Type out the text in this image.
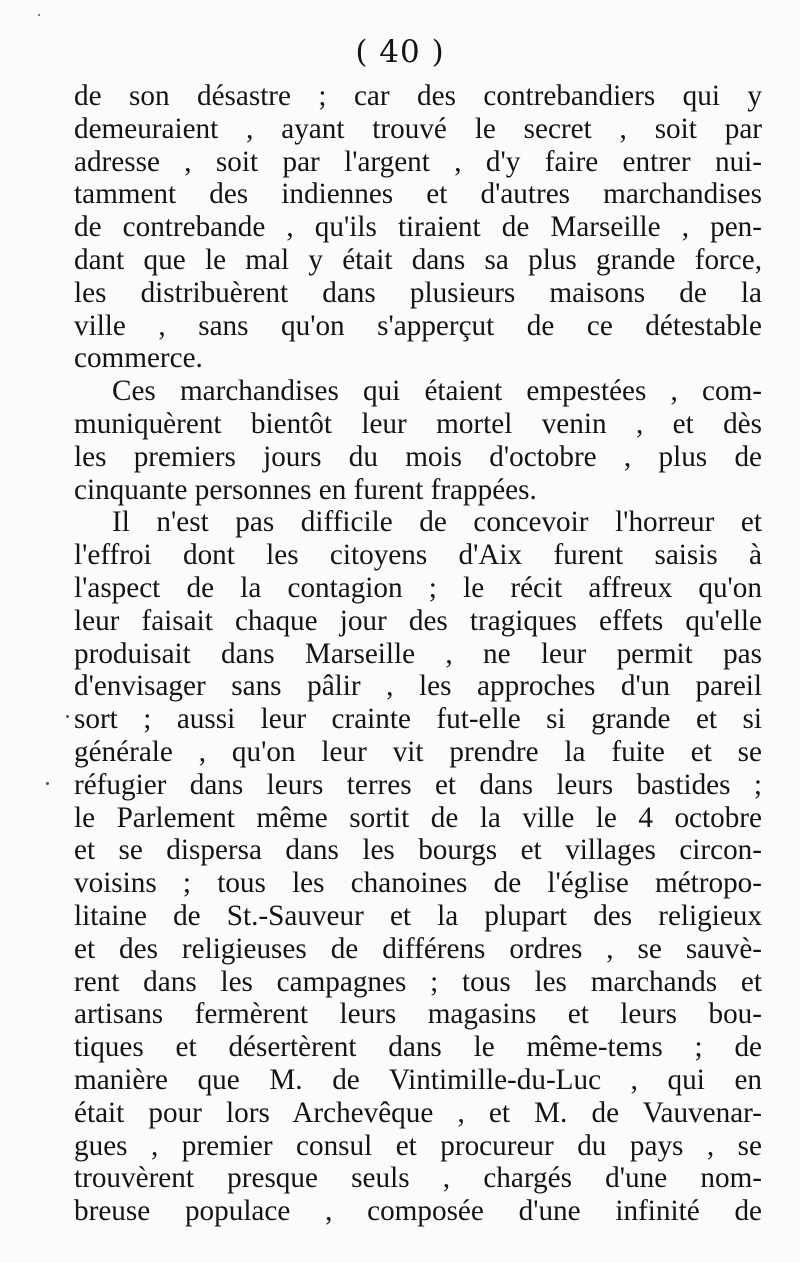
( 40 )
de son désastre ; car des contrebandiers qui y
demeuraient , ayant trouvé le secret , soit par
adresse , soit par l'argent , d'y faire entrer nui-
tamment des indiennes et d'autres marchandises
de contrebande , qu'ils tiraient de Marseille , pen-
dant que le mal y était dans sa plus grande force,
les distribuèrent dans plusieurs maisons de la
ville , sans qu'on s'apperçut de ce détestable
commerce.
Ces marchandises qui étaient empestées , com-
muniquèrent bientôt leur mortel venin , et dès
les premiers jours du mois d'octobre , plus de
cinquante personnes en furent frappées.
Il n'est pas difficile de concevoir l'horreur et
l'effroi dont les citoyens d'Aix furent saisis à
l'aspect de la contagion ; le récit affreux qu'on
leur faisait chaque jour des tragiques effets qu'elle
produisait dans Marseille , ne leur permit pas
d'envisager sans pâlir , les approches d'un pareil
sort ; aussi leur crainte fut-elle si grande et si
générale , qu'on leur vit prendre la fuite et se
réfugier dans leurs terres et dans leurs bastides ;
le Parlement même sortit de la ville le 4 octobre
et se dispersa dans les bourgs et villages circon-
voisins ; tous les chanoines de l'église métropo-
litaine de St.-Sauveur et la plupart des religieux
et des religieuses de différens ordres , se sauvè-
rent dans les campagnes ; tous les marchands et
artisans fermèrent leurs magasins et leurs bou-
tiques et désertèrent dans le même-tems ; de
manière que M. de Vintimille-du-Luc , qui en
était pour lors Archevêque , et M. de Vauvenar-
gues , premier consul et procureur du pays , se
trouvèrent presque seuls , chargés d'une nom-
breuse populace , composée d'une infinité de
